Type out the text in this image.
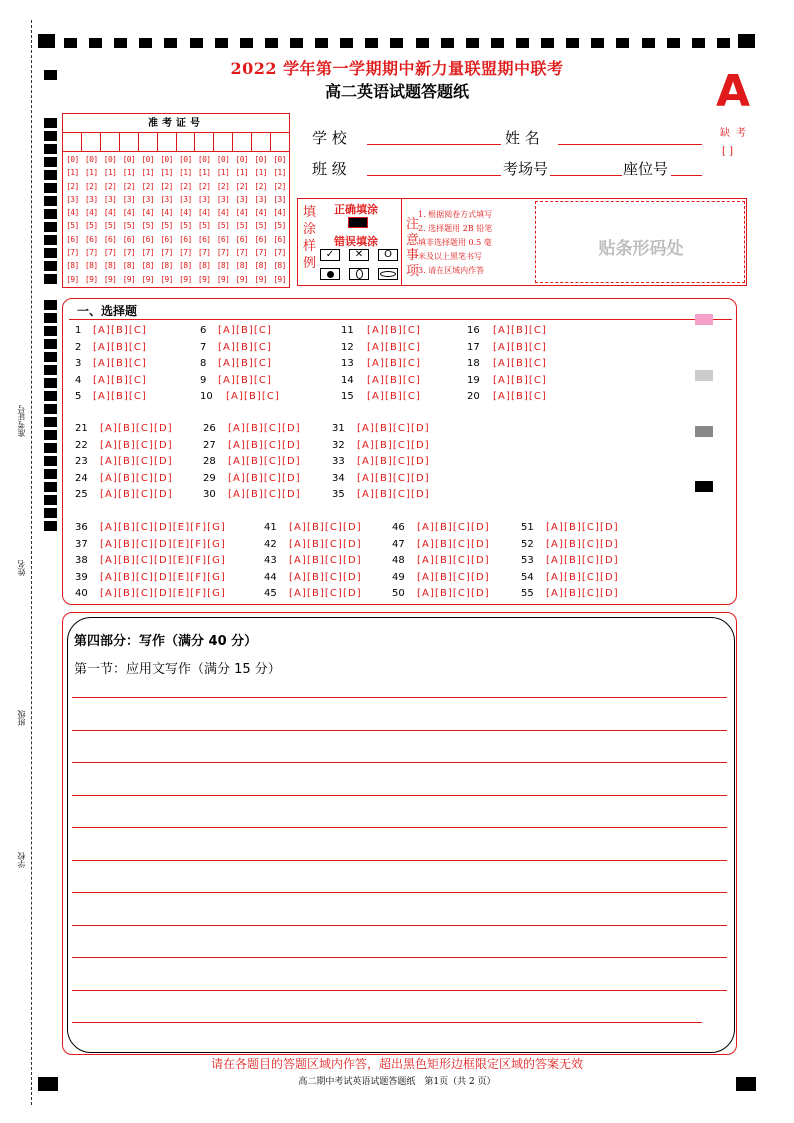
准考证号
姓名
班级
学校
2022 学年第一学期期中新力量联盟期中联考
高二英语试题答题纸	A
缺考
[ ]
准考证号
[0] [0] [0] [0] [0] [0] [0] [0] [0] [0] [0] [0]
[1] [1] [1] [1] [1] [1] [1] [1] [1] [1] [1] [1]
[2] [2] [2] [2] [2] [2] [2] [2] [2] [2] [2] [2]
[3] [3] [3] [3] [3] [3] [3] [3] [3] [3] [3] [3]
[4] [4] [4] [4] [4] [4] [4] [4] [4] [4] [4] [4]
[5] [5] [5] [5] [5] [5] [5] [5] [5] [5] [5] [5]
[6] [6] [6] [6] [6] [6] [6] [6] [6] [6] [6] [6]
[7] [7] [7] [7] [7] [7] [7] [7] [7] [7] [7] [7]
[8] [8] [8] [8] [8] [8] [8] [8] [8] [8] [8] [8]
[9] [9] [9] [9] [9] [9] [9] [9] [9] [9] [9] [9]
学 校	姓 名
班 级	考场号	座位号
填涂样例
正确填涂
错误填涂
✓	✕	O
注
意
事
项
1. 根据阅卷方式填写
2. 选择题用 2B 铅笔
填非选择题用 0.5 毫
米及以上黑笔书写
3. 请在区域内作答
贴条形码处
一、选择题
1 [A][B][C]
2 [A][B][C]
3 [A][B][C]
4 [A][B][C]
5 [A][B][C]
6 [A][B][C]
7 [A][B][C]
8 [A][B][C]
9 [A][B][C]
10 [A][B][C]
11 [A][B][C]
12 [A][B][C]
13 [A][B][C]
14 [A][B][C]
15 [A][B][C]
16 [A][B][C]
17 [A][B][C]
18 [A][B][C]
19 [A][B][C]
20 [A][B][C]
21 [A][B][C][D]
22 [A][B][C][D]
23 [A][B][C][D]
24 [A][B][C][D]
25 [A][B][C][D]
26 [A][B][C][D]
27 [A][B][C][D]
28 [A][B][C][D]
29 [A][B][C][D]
30 [A][B][C][D]
31 [A][B][C][D]
32 [A][B][C][D]
33 [A][B][C][D]
34 [A][B][C][D]
35 [A][B][C][D]
36 [A][B][C][D][E][F][G]
37 [A][B][C][D][E][F][G]
38 [A][B][C][D][E][F][G]
39 [A][B][C][D][E][F][G]
40 [A][B][C][D][E][F][G]
41 [A][B][C][D]
42 [A][B][C][D]
43 [A][B][C][D]
44 [A][B][C][D]
45 [A][B][C][D]
46 [A][B][C][D]
47 [A][B][C][D]
48 [A][B][C][D]
49 [A][B][C][D]
50 [A][B][C][D]
51 [A][B][C][D]
52 [A][B][C][D]
53 [A][B][C][D]
54 [A][B][C][D]
55 [A][B][C][D]
第四部分：写作（满分 40 分）
第一节：应用文写作（满分 15 分）
请在各题目的答题区域内作答，超出黑色矩形边框限定区域的答案无效
高二期中考试英语试题答题纸　第1页（共 2 页）
